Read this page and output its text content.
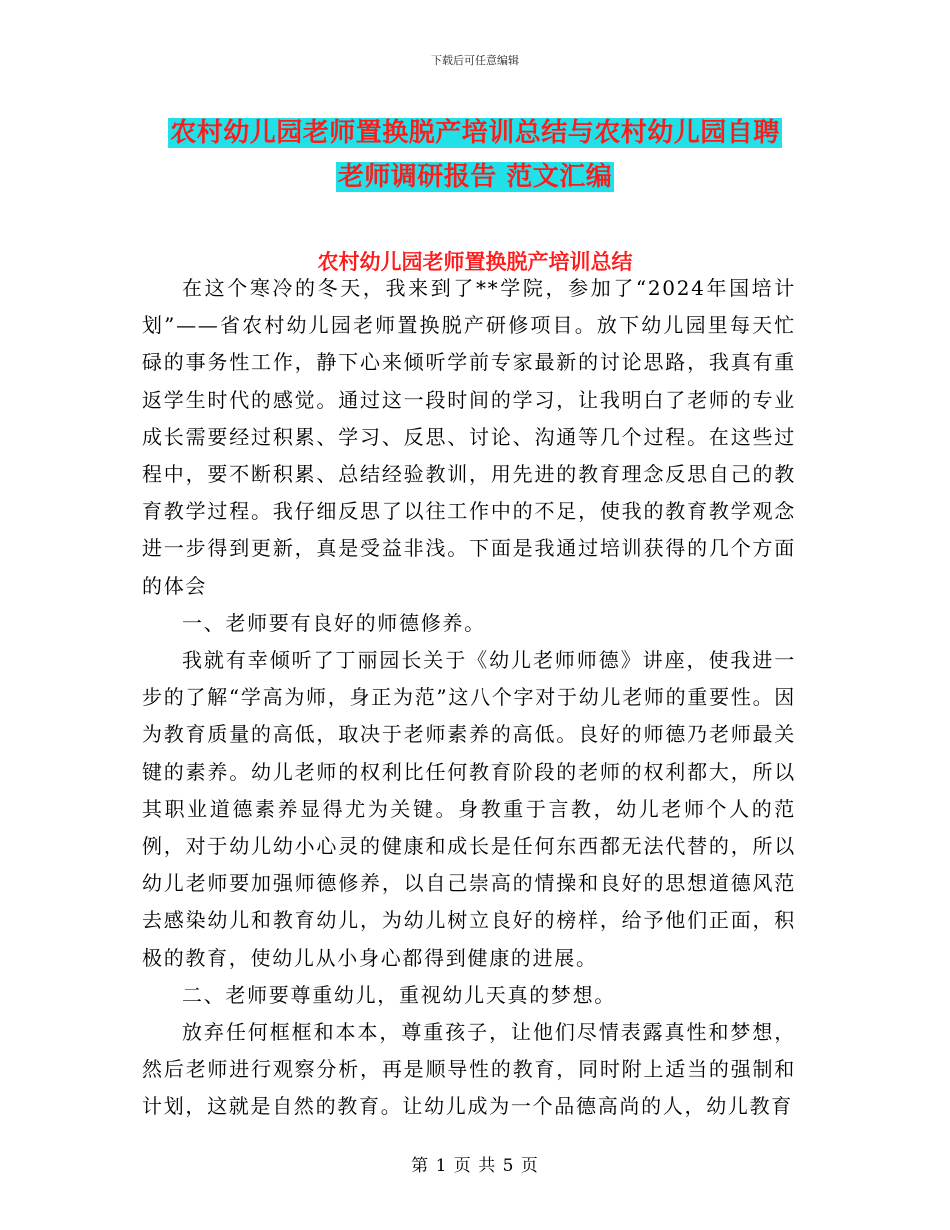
下载后可任意编辑
农村幼儿园老师置换脱产培训总结与农村幼儿园自聘
老师调研报告 范文汇编
农村幼儿园老师置换脱产培训总结

在这个寒冷的冬天，我来到了**学院，参加了“2024年国培计划”——省农村幼儿园老师置换脱产研修项目。放下幼儿园里每天忙碌的事务性工作，静下心来倾听学前专家最新的讨论思路，我真有重返学生时代的感觉。通过这一段时间的学习，让我明白了老师的专业成长需要经过积累、学习、反思、讨论、沟通等几个过程。在这些过程中，要不断积累、总结经验教训，用先进的教育理念反思自己的教育教学过程。我仔细反思了以往工作中的不足，使我的教育教学观念进一步得到更新，真是受益非浅。下面是我通过培训获得的几个方面的体会

一、老师要有良好的师德修养。

我就有幸倾听了丁丽园长关于《幼儿老师师德》讲座，使我进一步的了解“学高为师，身正为范”这八个字对于幼儿老师的重要性。因为教育质量的高低，取决于老师素养的高低。良好的师德乃老师最关键的素养。幼儿老师的权利比任何教育阶段的老师的权利都大，所以其职业道德素养显得尤为关键。身教重于言教，幼儿老师个人的范例，对于幼儿幼小心灵的健康和成长是任何东西都无法代替的，所以幼儿老师要加强师德修养，以自己崇高的情操和良好的思想道德风范去感染幼儿和教育幼儿，为幼儿树立良好的榜样，给予他们正面，积极的教育，使幼儿从小身心都得到健康的进展。

二、老师要尊重幼儿，重视幼儿天真的梦想。

放弃任何框框和本本，尊重孩子，让他们尽情表露真性和梦想，然后老师进行观察分析，再是顺导性的教育，同时附上适当的强制和计划，这就是自然的教育。让幼儿成为一个品德高尚的人，幼儿教育

第 1 页 共 5 页
